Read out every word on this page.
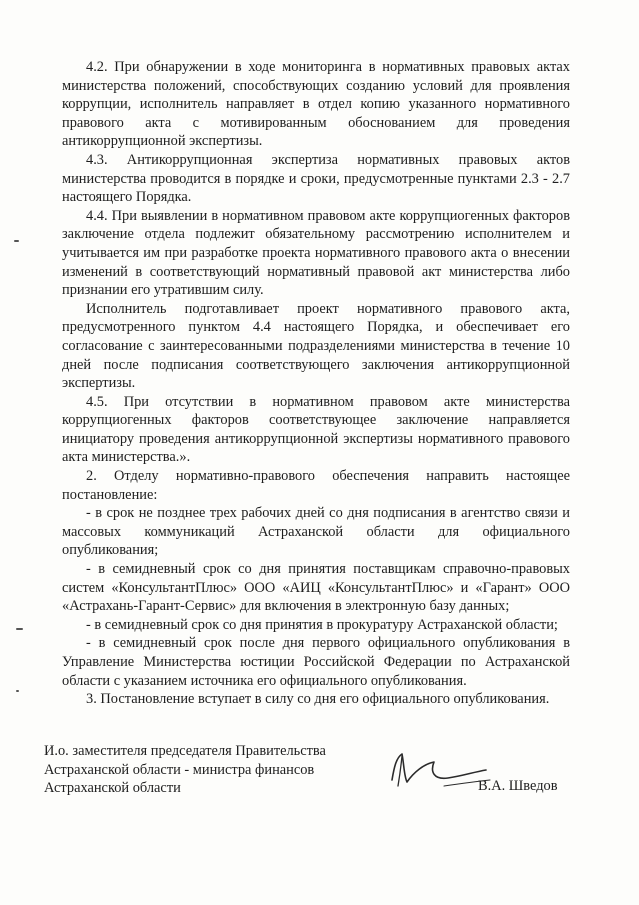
4.2. При обнаружении в ходе мониторинга в нормативных правовых актах министерства положений, способствующих созданию условий для проявления коррупции, исполнитель направляет в отдел копию указанного нормативного правового акта с мотивированным обоснованием для проведения антикоррупционной экспертизы.

4.3. Антикоррупционная экспертиза нормативных правовых актов министерства проводится в порядке и сроки, предусмотренные пунктами 2.3 - 2.7 настоящего Порядка.

4.4. При выявлении в нормативном правовом акте коррупциогенных факторов заключение отдела подлежит обязательному рассмотрению исполнителем и учитывается им при разработке проекта нормативного правового акта о внесении изменений в соответствующий нормативный правовой акт министерства либо признании его утратившим силу.

Исполнитель подготавливает проект нормативного правового акта, предусмотренного пунктом 4.4 настоящего Порядка, и обеспечивает его согласование с заинтересованными подразделениями министерства в течение 10 дней после подписания соответствующего заключения антикоррупционной экспертизы.

4.5. При отсутствии в нормативном правовом акте министерства коррупциогенных факторов соответствующее заключение направляется инициатору проведения антикоррупционной экспертизы нормативного правового акта министерства.».

2. Отделу нормативно-правового обеспечения направить настоящее постановление:

- в срок не позднее трех рабочих дней со дня подписания в агентство связи и массовых коммуникаций Астраханской области для официального опубликования;

- в семидневный срок со дня принятия поставщикам справочно-правовых систем «КонсультантПлюс» ООО «АИЦ «КонсультантПлюс» и «Гарант» ООО «Астрахань-Гарант-Сервис» для включения в электронную базу данных;

- в семидневный срок со дня принятия в прокуратуру Астраханской области;

- в семидневный срок после дня первого официального опубликования в Управление Министерства юстиции Российской Федерации по Астраханской области с указанием источника его официального опубликования.

3. Постановление вступает в силу со дня его официального опубликования.

И.о. заместителя председателя Правительства
Астраханской области - министра финансов
Астраханской области	В.А. Шведов
